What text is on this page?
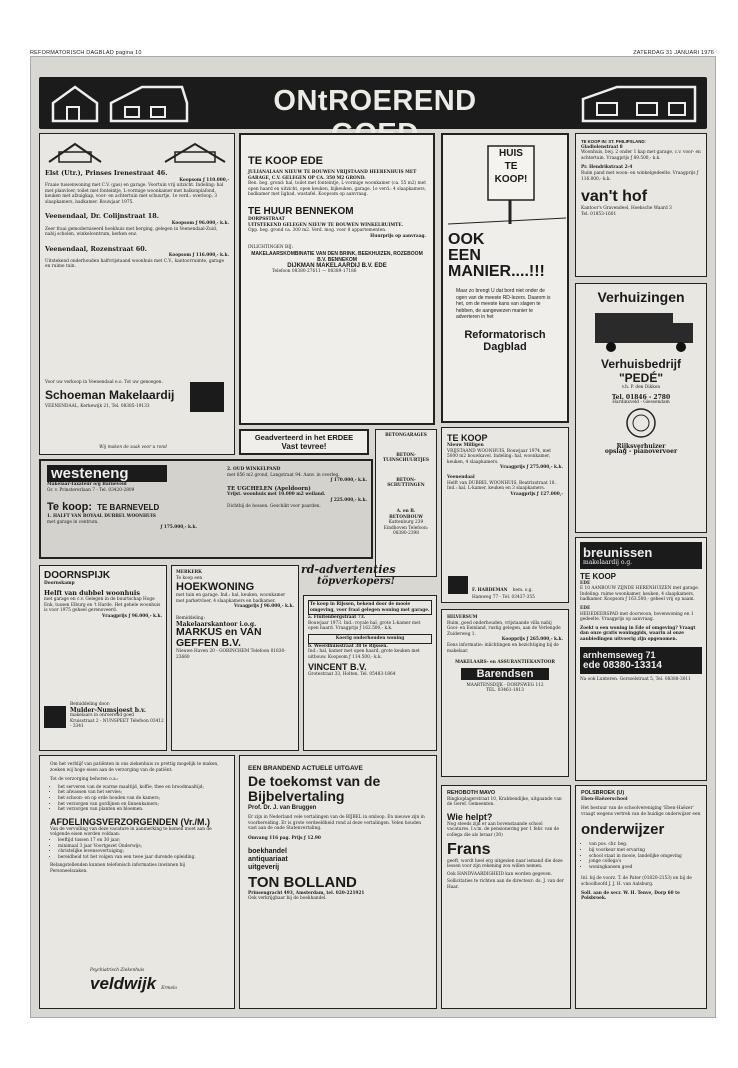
REFORMATORISCH DAGBLAD pagina 10	ZATERDAG 31 JANUARI 1976
ONtROEREND

Elst (Utr.), Prinses Irenestraat 46.

Koopsom ƒ 110.000,-

Fraaie tussenwoning met C.V. (gas) en garage. Voortuin vrij uitzicht. Indeling: hal met planvloer, toilet met fonteintje, L-vormige woonkamer met balkonplafond, keuken met afzuigkap, voor- en achtertuin met schuurtje, 1e verd.: overloop, 3 slaapkamers, badkamer. Bouwjaar 1975.

Veenendaal, Dr. Colijnstraat 18.

Koopsom ƒ 96.000,- k.k.

Zeer fraai gemoderniseerd hoekhuis met berging, gelegen in Veenendaal-Zuid, nabij scholen, winkelcentrum, kerken enz.

Veenendaal, Rozenstraat 60.

Koopsom ƒ 116.000,- k.k.

Uitstekend onderhouden halfvrijstaand woonhuis met C.V., kantoorruimte, garage en ruime tuin.

Voor uw verkoop in Veenendaal e.o. Tot uw genoegen.

Schoeman Makelaardij

VEENENDAAL, Kerkewijk 21, Tel. 08385-19133

Wij maken de zaak voor u rond

TE KOOP EDE

JULIANALAAN NIEUW TE BOUWEN VRIJSTAAND HEERENHUIS MET GARAGE, C.V. GELEGEN OP CA. 350 M2 GROND.

Ben. beg. grond: hal, toilet met fonteintje, L-vormige woonkamer (ca. 55 m2) met open haard en uitzicht, open keuken, bijkeuken, garage. 1e verd.: 4 slaapkamers, badkamer met ligbad, wastafel. Koopsom op aanvraag.

TE HUUR BENNEKOM

DORPSSTRAAT

UITSTEKEND GELEGEN NIEUW TE BOUWEN WINKELRUIMTE.

Opp. beg. grond ca. 300 m2. Verd. mog. voor 8 appartementen.

Huurprijs op aanvraag.

INLICHTINGEN BIJ:

MAKELAARSKOMBINATIE VAN DEN BRINK, BEEKHUIZEN, ROZEBOOM B.V. BENNEKOM

DIJKMAN MAKELAARDIJ B.V. EDE

Telefoon 08380-27611 — 08389-17186

HUIS
TE
KOOP!
OOK
EEN
MANIER....!!!

Maar zo brengt U dat bord niet onder de ogen van de meeste RD-lezers. Daarom is het, om de meeste kans van slagen te hebben, de aangewezen manier te adverteren in het

Reformatorisch Dagblad

TE KOOP IN: ST. PHILIPSLAND:

Gladiolenstraat 8

Woonhuis, bwj. 2 onder 1 kap met garage, c.v. voor- en achtertuin. Vraagprijs ƒ 89.500,- k.k.

Pr. Hendrikstraat 2-4

Ruim pand met woon- en winkelgedeelte. Vraagprijs ƒ 116.000,- k.k.

van't hof

Kantoor's Gravendeel, Hoeksche Waard 3

Tel. 01853-1601

Verhuizingen
Verhuisbedrijf
"PEDÉ"

v.h. P. den Dikken

Tel. 01846 - 2780

Hardinxveld - Giessendam

Rijksverhuizer

opslag - pianovervoer

westeneng

Makelaar-Taxateur o/g Barneveld

Gr. v. Prinstererlaan 7 - Tel. 03420-2809

Te koop: TE BARNEVELD

1. HALFT VAN ROYAAL DUBBEL WOONHUIS

met garage in centrum.

ƒ 175.000,- k.k.

2. OUD WINKELPAND

met 856 m2 grond, Langstraat 94. Aanv. in overleg.

ƒ 170.000,- k.k.

TE UGCHELEN (Apeldoorn)

Vrijst. woonhuis met 10.000 m2 weiland.

ƒ 225.000,- k.k.

Dichtbij de bossen. Geschikt voor paarden.

Geadverteerd in het ERDEE
Vast tevree!

BETONGARAGES

BETON-TUINSCHUURTJES

BETON-SCHUTTINGEN

A. en B. BETONBOUW

Kattenburg 239 Eindhoven Telefoon: 08380-2398

rd-advertenties
töpverkopers!
TE KOOP

Nieuw Milligen

VRIJSTAAND WOONHUIS, Bouwjaar 1974, met 5000 m2 bouwkavel. Indeling: hal, woonkamer, keuken, 4 slaapkamers.

Vraagprijs ƒ 275.000,- k.k.

Veenendaal

Helft van DUBBEL WOONHUIS, Beatrixstraat 18. Ind.: hal, L-kamer, keuken en 3 slaapkamers.

Vraagprijs ƒ 127.000,-

F. HARDEMAN hem. o.g.

Hamweg 77 - Tel. 03437-355

breunissen
makelaardij o.g.
TE KOOP

EDE

E 10 AANBOUW ZIJNDE HERENHUIZEN met garage. Indeling: ruime woonkamer, keuken, 4 slaapkamers, badkamer. Koopsom ƒ 163.500,- geheel vrij op naam.

EDE

HEDEDEERSPAD met doorwoon, bovenwoning en 1 gedeelte. Vraagprijs op aanvraag.

Zoekt u een woning in Ede of omgeving? Vraagt dan onze gratis woninggids, waarin al onze aanbiedingen uitvoerig zijn opgenomen.

arnhemseweg 71
ede 08380-13314

Na ook Lunteren. Gorsselstraat 5, Tel. 08388-3011

DOORNSPIJK

Doornskamp

Helft van dubbel woonhuis

met garage en c.v. Gelegen in de buurtschap Hoge Enk, tussen Elburg en 't Harde. Het gehele woonhuis is voor 1975 geheel gerenoveerd.

Vraagprijs ƒ 96.000,- k.k.

Bemiddeling door:

Mulder-Numsjoest b.v.

makelaars in onroerend goed

Kruisstraat 2 - NUNSPEET Telefoon 03412 - 3341

MERKERK

Te koop een

HOEKWONING

met tuin en garage. Ind.: hal, keuken, woonkamer met parketvloer, 4 slaapkamers en badkamer.

Vraagprijs ƒ 96.000,- k.k.

Bemiddeling:

Makelaarskantoor i.o.g.

MARKUS en VAN GEFFEN B.V.

Nieuwe Haven 20 - GORINCHEM Telefoon 01830-23660

Te koop in Rijssen, bekend door de mooie omgeving, voor fraai gelegen woning met garage.

a. Fluitenbergstraat 73.

Bouwjaar 1973. Ind.: royale hal, grote L-kamer met open haard. Vraagprijs ƒ 162.500,- k.k.

Koerig onderhouden woning

b. Weerdhuisstraat 38 te Rijssen.

Ind.: hal, kamer met open haard, grote keuken met uitbouw. Koopsom ƒ 114.500,- k.k.

VINCENT B.V.

Grotestraat 33, Holten. Tel. 05483-1864

HILVERSUM

Ruim, goed onderhouden, vrijstaande villa nabij Gooi- en Eemland, rustig gelegen, aan de Verlengde Zuiderweg 1.

Koopprijs ƒ 265.000,- k.k.

Eens informatie: inlichtingen en bezichtiging bij de makelaar.

MAKELAARS- en ASSURANTIEKANTOOR

Barendsen

MAARTENSDIJK - DORPSWEG 112

TEL. 03461-1813

Om het verblijf van patiënten in ons ziekenhuis zo prettig mogelijk te maken, zoeken wij hoge eisen aan de verzorging van de patiënt.

Tot de verzorging behoren o.a.:

• het serveren van de warme maaltijd, koffie, thee en broodmaaltijd;
• het afwassen van het servies;
• het schoon- en op orde houden van de kamers;
• het verzorgen van gordijnen en linnenkamers;
• het verzorgen van planten en bloemen.
AFDELINGSVERZORGENDEN (Vr./M.)

Van de vervulling van deze vacature in aanmerking te komen moet aan de volgende eisen worden voldaan:

• leeftijd tussen 17 en 30 jaar;
• minimaal 3 jaar Voortgezet Onderwijs;
• christelijke levensovertuiging;
• bereidheid tot het volgen van een twee jaar durende opleiding.

Belangstellenden kunnen telefonisch informaties inwinnen bij Personeelszaken.

Psychiatrisch Ziekenhuis

veldwijk Ermelo

EEN BRANDEND ACTUELE UITGAVE

De toekomst van de Bijbelvertaling

Prof. Dr. J. van Bruggen

Er zijn in Nederland vele vertalingen van de BIJBEL in omloop. En nieuwe zijn in voorbereiding. Er is grote verdeeldheid rond al deze vertalingen. Velen houden vast aan de oude Statenvertaling.

Omvang 116 pag. Prijs ƒ 12.90

boekhandel
antiquariaat
uitgeverij
TON BOLLAND

Prinsengracht 493, Amsterdam, tel. 020-221921

Ook verkrijgbaar bij de boekhandel.

REHOBOTH MAVO

Ringkoplagerstraat 10, Krabbendijke, uitgaande van de Geref. Gemeenten.

Wie helpt?

Nog steeds zijn er aan bovenstaande school vacatures. I.v.m. de pensionering per 1 febr. van de collega die als leraar (30)

Frans

geeft, wordt heel erg uitgezien naar iemand die deze lessen voor zijn rekening zou willen nemen.

Ook HANDVAARDIGHEID kan worden gegeven.

Sollicitaties te richten aan de directeur: ds. J. van der Haar.

POLSBROEK (U)

Eben-Haëzerschool

Het bestuur van de schoolvereniging 'Eben-Haëzer' vraagt wegens vertrek van de huidige onderwijzer een

onderwijzer
• van pos. chr. beg.
• bij voorkeur met ervaring
• school staat in mooie, landelijke omgeving
• jonge collega's
• woningkansen goed

Inl. bij de voorz. T. de Pater (01820-2153) en bij de schoolhoofd J. J. H. van Aalsburg.

Soll. aan de secr. W. H. Tenve, Dorp 60 te Polsbroek.
